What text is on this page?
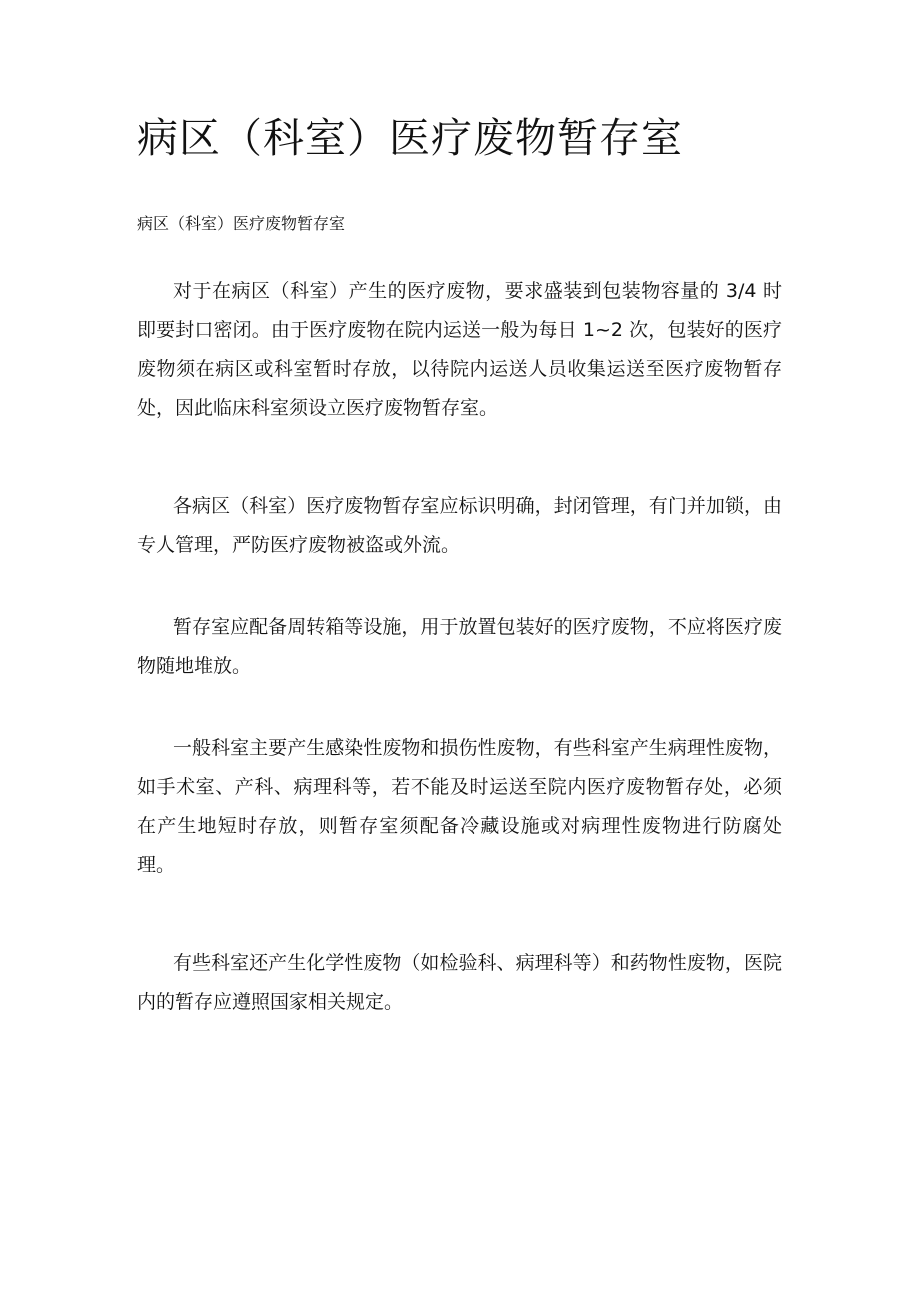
病区（科室）医疗废物暂存室

病区（科室）医疗废物暂存室

对于在病区（科室）产生的医疗废物，要求盛装到包装物容量的 3/4 时即要封口密闭。由于医疗废物在院内运送一般为每日 1~2 次，包装好的医疗废物须在病区或科室暂时存放，以待院内运送人员收集运送至医疗废物暂存处，因此临床科室须设立医疗废物暂存室。

各病区（科室）医疗废物暂存室应标识明确，封闭管理，有门并加锁，由专人管理，严防医疗废物被盗或外流。

暂存室应配备周转箱等设施，用于放置包装好的医疗废物，不应将医疗废物随地堆放。

一般科室主要产生感染性废物和损伤性废物，有些科室产生病理性废物，如手术室、产科、病理科等，若不能及时运送至院内医疗废物暂存处，必须在产生地短时存放，则暂存室须配备冷藏设施或对病理性废物进行防腐处理。

有些科室还产生化学性废物（如检验科、病理科等）和药物性废物，医院内的暂存应遵照国家相关规定。
